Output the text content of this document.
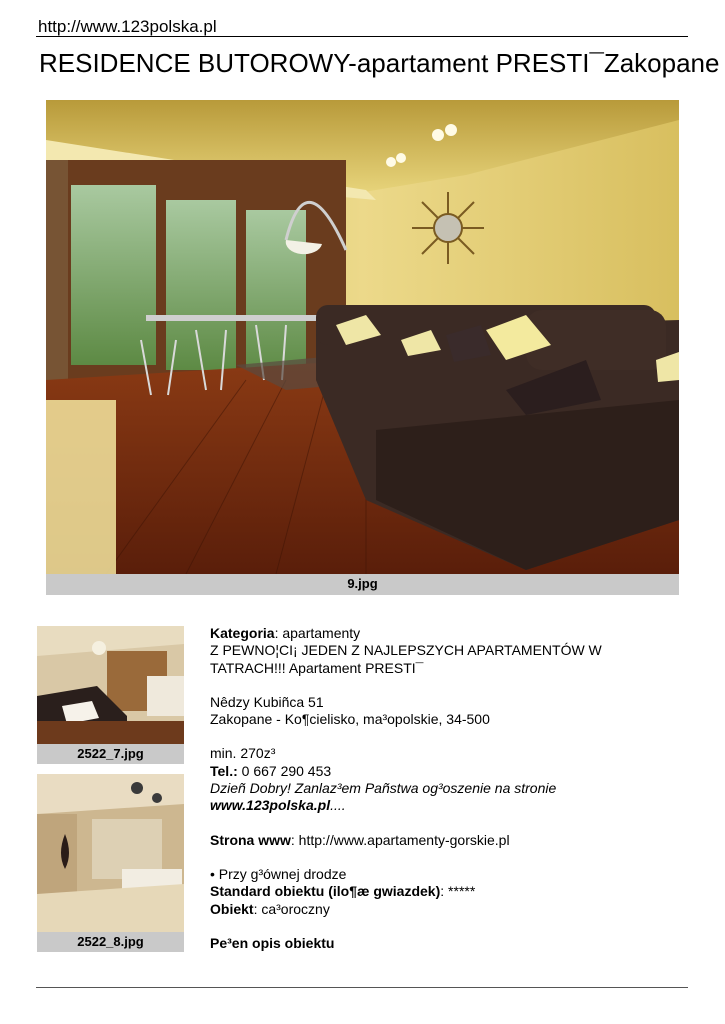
http://www.123polska.pl
RESIDENCE BUTOROWY-apartament PRESTI¯Zakopane
9.jpg
2522_7.jpg
2522_8.jpg

Kategoria: apartamenty

Z PEWNO¦CI¡ JEDEN Z NAJLEPSZYCH APARTAMENTÓW W TATRACH!!! Apartament PRESTI¯

Nêdzy Kubiñca 51

Zakopane - Ko¶cielisko, ma³opolskie, 34-500

min. 270z³

Tel.: 0 667 290 453

Dzieñ Dobry! Zanlaz³em Pañstwa og³oszenie na stronie www.123polska.pl....

Strona www: http://www.apartamenty-gorskie.pl

• Przy g³ównej drodze

Standard obiektu (ilo¶æ gwiazdek): *****

Obiekt: ca³oroczny

Pe³en opis obiektu
